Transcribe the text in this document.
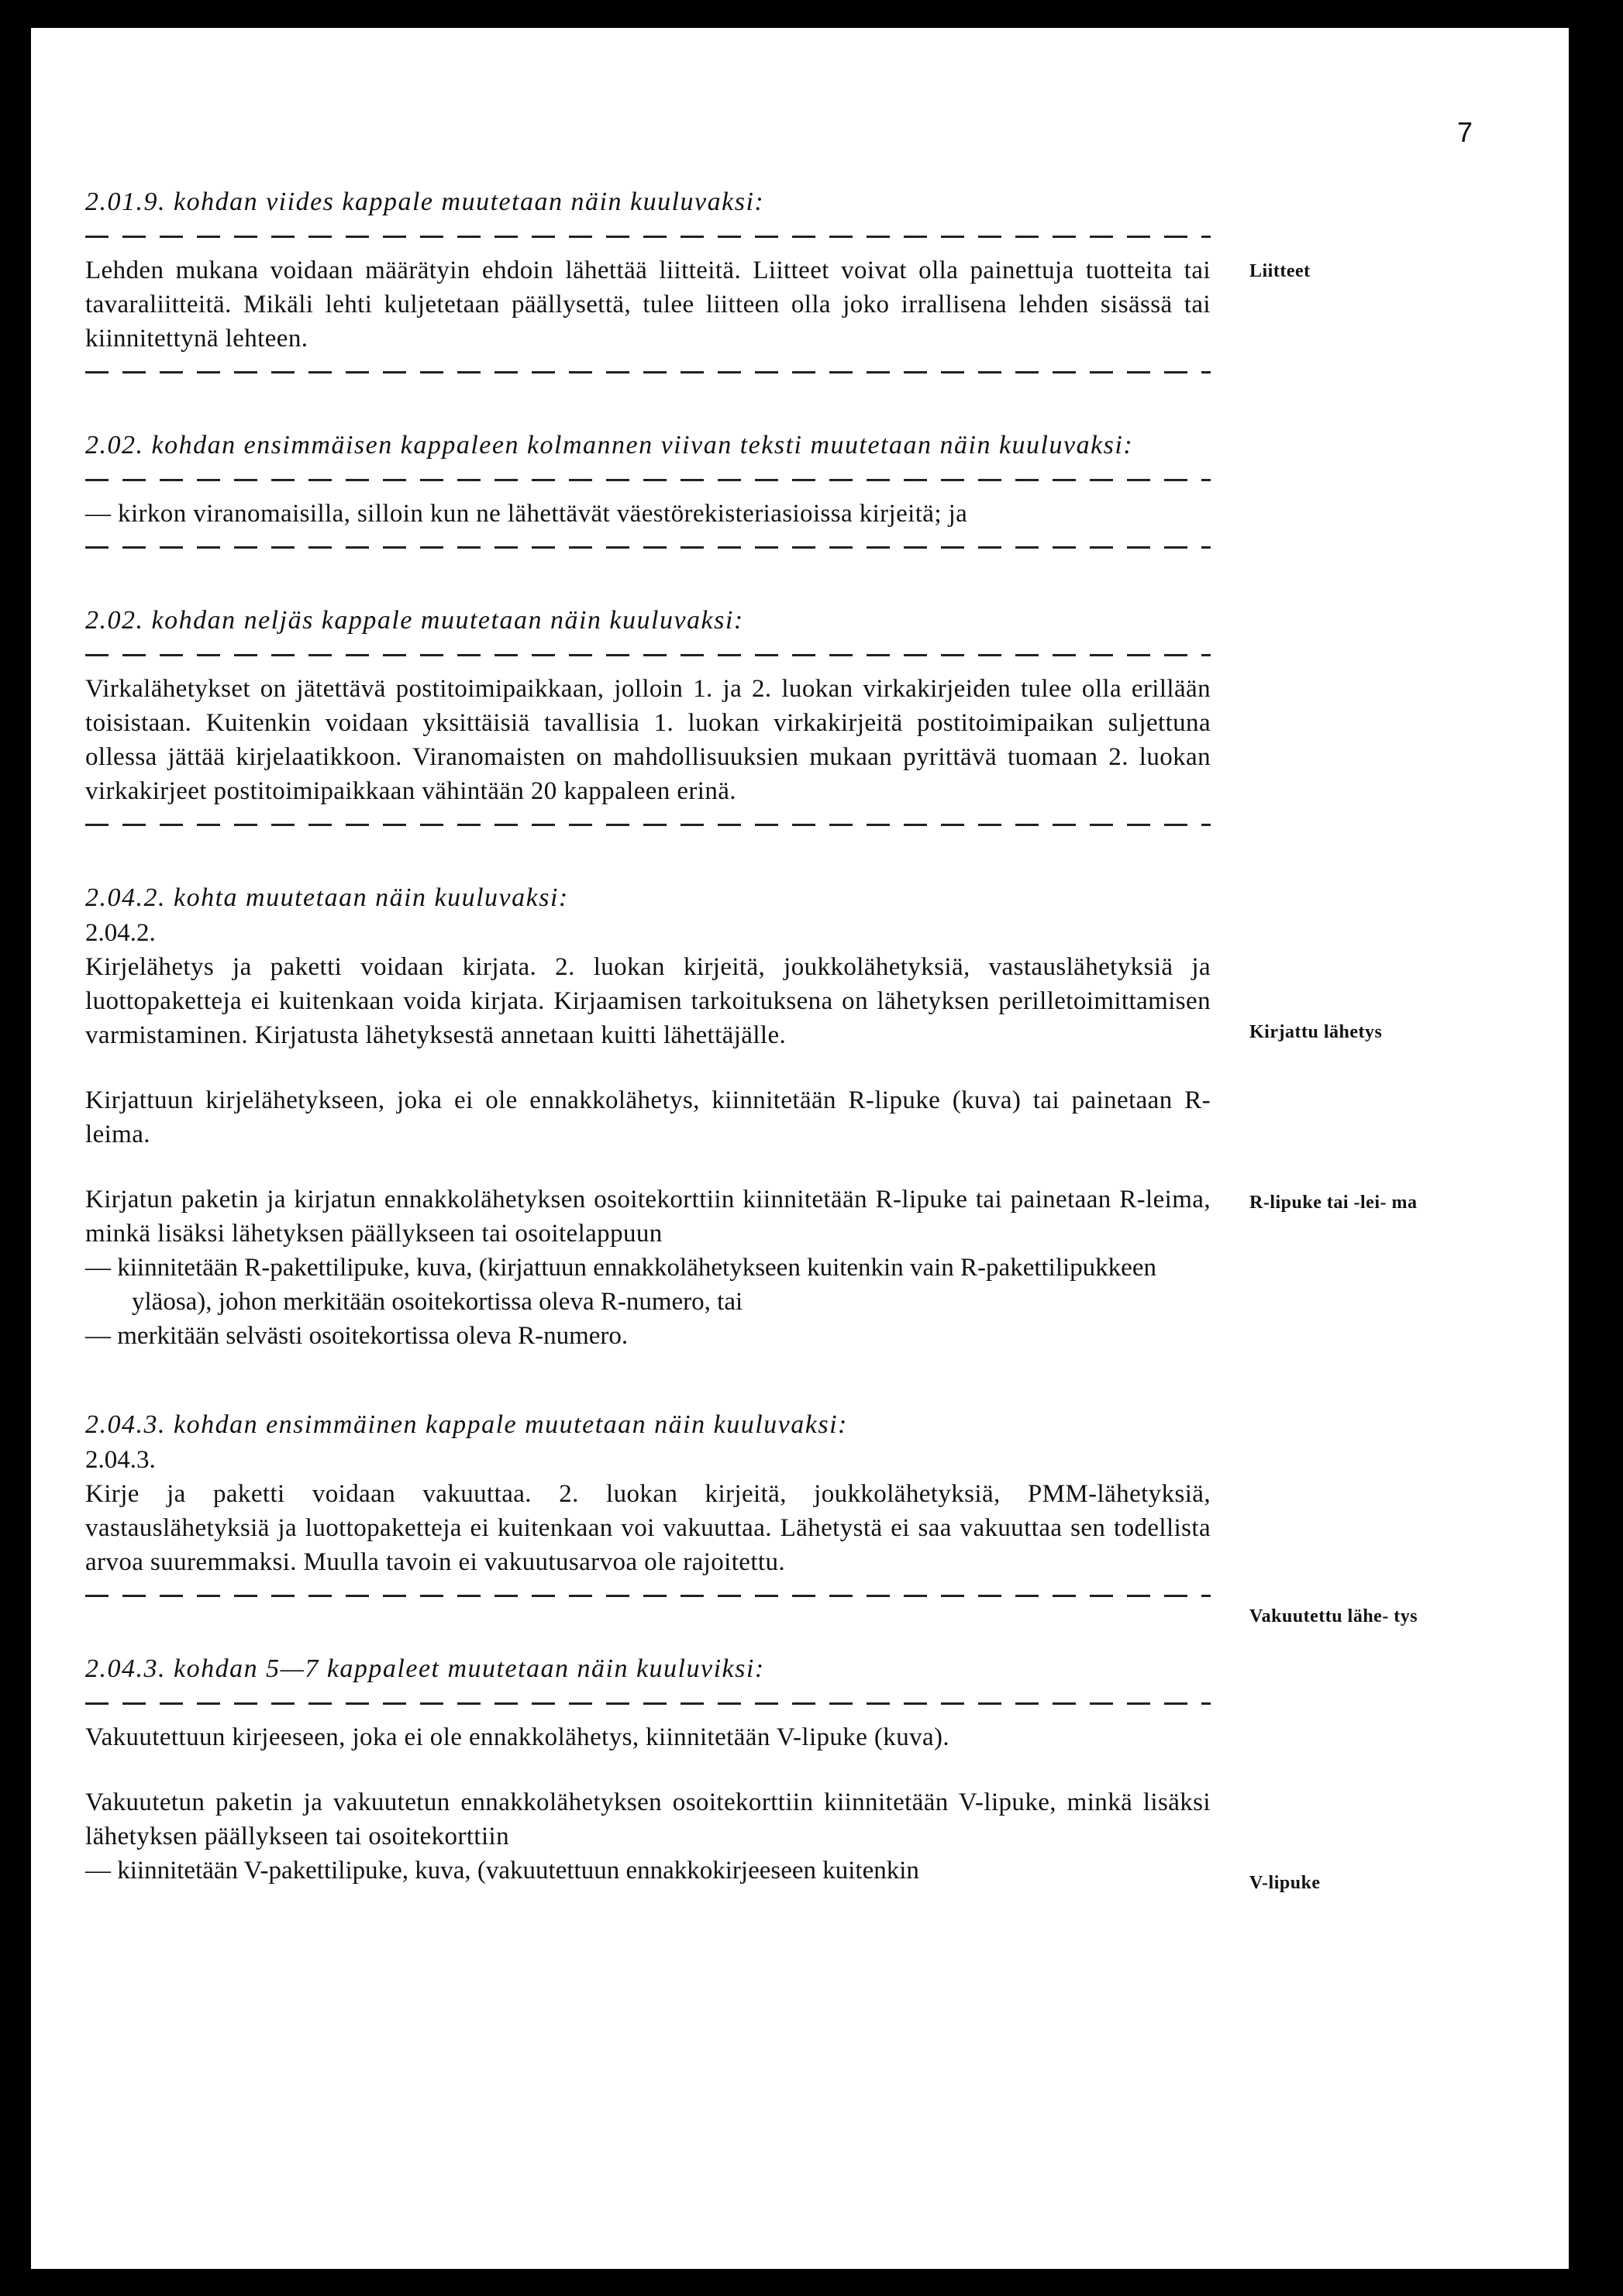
7
Liitteet
Kirjattu lähetys
R-lipuke tai -lei- ma
Vakuutettu lähe- tys
V-lipuke

2.01.9. kohdan viides kappale muutetaan näin kuuluvaksi:

Lehden mukana voidaan määrätyin ehdoin lähettää liitteitä. Liitteet voivat olla painettuja tuotteita tai tavaraliitteitä. Mikäli lehti kuljetetaan päällysettä, tulee liitteen olla joko irrallisena lehden sisässä tai kiinnitettynä lehteen.

2.02. kohdan ensimmäisen kappaleen kolmannen viivan teksti muutetaan näin kuuluvaksi:

— kirkon viranomaisilla, silloin kun ne lähettävät väestörekisteriasioissa kirjeitä; ja

2.02. kohdan neljäs kappale muutetaan näin kuuluvaksi:

Virkalähetykset on jätettävä postitoimipaikkaan, jolloin 1. ja 2. luokan virkakirjeiden tulee olla erillään toisistaan. Kuitenkin voidaan yksittäisiä tavallisia 1. luokan virkakirjeitä postitoimipaikan suljettuna ollessa jättää kirjelaatikkoon. Viranomaisten on mahdollisuuksien mukaan pyrittävä tuomaan 2. luokan virkakirjeet postitoimipaikkaan vähintään 20 kappaleen erinä.

2.04.2. kohta muutetaan näin kuuluvaksi:

2.04.2.

Kirjelähetys ja paketti voidaan kirjata. 2. luokan kirjeitä, joukkolähetyksiä, vastauslähetyksiä ja luottopaketteja ei kuitenkaan voida kirjata. Kirjaamisen tarkoituksena on lähetyksen perilletoimittamisen varmistaminen. Kirjatusta lähetyksestä annetaan kuitti lähettäjälle.

Kirjattuun kirjelähetykseen, joka ei ole ennakkolähetys, kiinnitetään R-lipuke (kuva) tai painetaan R-leima.

Kirjatun paketin ja kirjatun ennakkolähetyksen osoitekorttiin kiinnitetään R-lipuke tai painetaan R-leima, minkä lisäksi lähetyksen päällykseen tai osoitelappuun

— kiinnitetään R-pakettilipuke, kuva, (kirjattuun ennakkolähetykseen kuitenkin vain R-pakettilipukkeen yläosa), johon merkitään osoitekortissa oleva R-numero, tai

— merkitään selvästi osoitekortissa oleva R-numero.

2.04.3. kohdan ensimmäinen kappale muutetaan näin kuuluvaksi:

2.04.3.

Kirje ja paketti voidaan vakuuttaa. 2. luokan kirjeitä, joukkolähetyksiä, PMM-lähetyksiä, vastauslähetyksiä ja luottopaketteja ei kuitenkaan voi vakuuttaa. Lähetystä ei saa vakuuttaa sen todellista arvoa suuremmaksi. Muulla tavoin ei vakuutusarvoa ole rajoitettu.

2.04.3. kohdan 5—7 kappaleet muutetaan näin kuuluviksi:

Vakuutettuun kirjeeseen, joka ei ole ennakkolähetys, kiinnitetään V-lipuke (kuva).

Vakuutetun paketin ja vakuutetun ennakkolähetyksen osoitekorttiin kiinnitetään V-lipuke, minkä lisäksi lähetyksen päällykseen tai osoitekorttiin

— kiinnitetään V-pakettilipuke, kuva, (vakuutettuun ennakkokirjeeseen kuitenkin
